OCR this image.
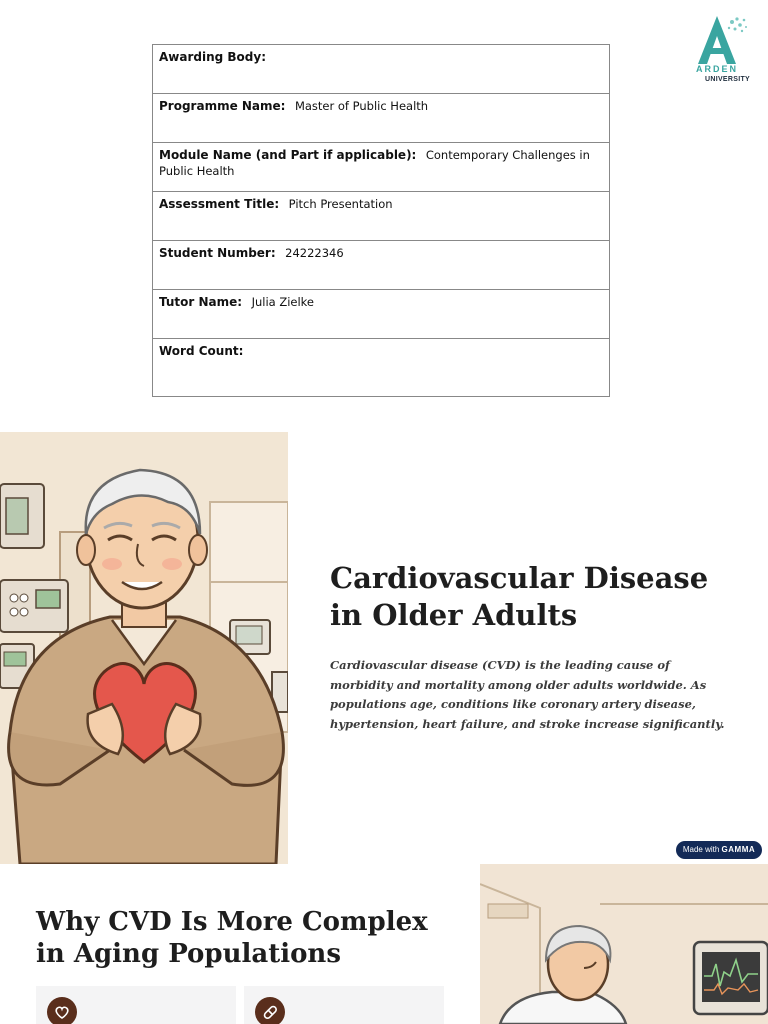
ARDEN
UNIVERSITY
Awarding Body:
Programme Name: Master of Public Health
Module Name (and Part if applicable): Contemporary Challenges in Public Health
Assessment Title: Pitch Presentation
Student Number: 24222346
Tutor Name: Julia Zielke
Word Count:
Cardiovascular Disease in Older Adults

Cardiovascular disease (CVD) is the leading cause of morbidity and mortality among older adults worldwide. As populations age, conditions like coronary artery disease, hypertension, heart failure, and stroke increase significantly.

Made with GAMMA
Why CVD Is More Complex in Aging Populations
